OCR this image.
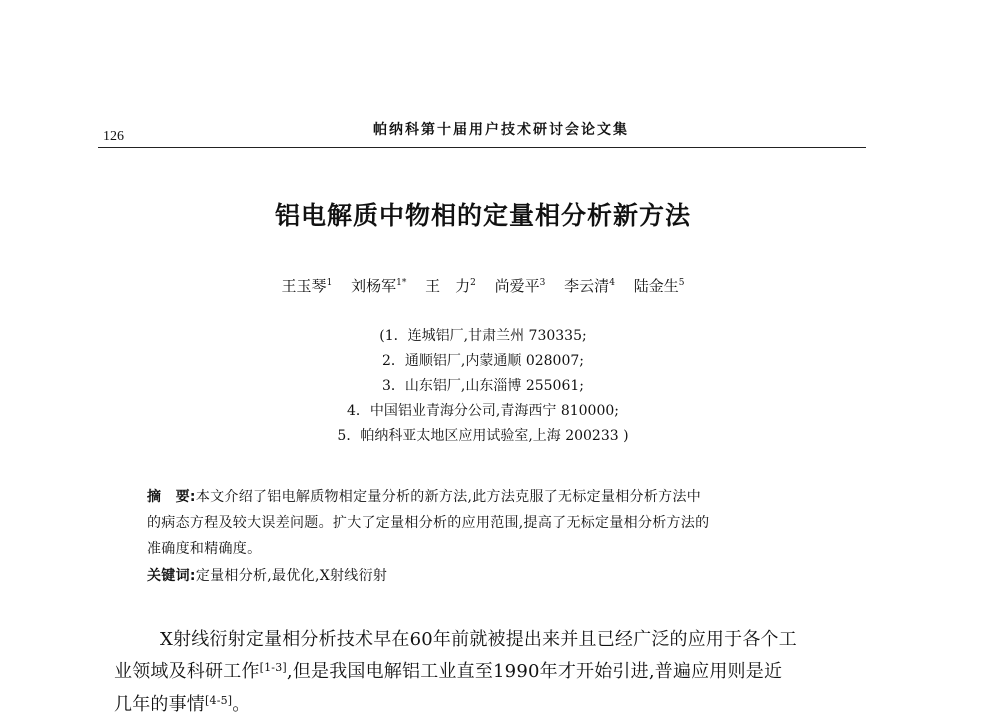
126	帕纳科第十届用户技术研讨会论文集
铝电解质中物相的定量相分析新方法
王玉琴$^1$ 刘杨军$^{1*}$ 王　力$^2$ 尚爱平$^3$ 李云清$^4$ 陆金生$^5$
(1．连城铝厂,甘肃兰州 730335;
2．通顺铝厂,内蒙通顺 028007;
3．山东铝厂,山东淄博 255061;
4．中国铝业青海分公司,青海西宁 810000;
5．帕纳科亚太地区应用试验室,上海 200233 )
摘　要:本文介绍了铝电解质物相定量分析的新方法,此方法克服了无标定量相分析方法中
的病态方程及较大误差问题。扩大了定量相分析的应用范围,提高了无标定量相分析方法的
准确度和精确度。
关键词:定量相分析,最优化,X射线衍射
X射线衍射定量相分析技术早在60年前就被提出来并且已经广泛的应用于各个工
业领域及科研工作[1-3],但是我国电解铝工业直至1990年才开始引进,普遍应用则是近
几年的事情[4-5]。
